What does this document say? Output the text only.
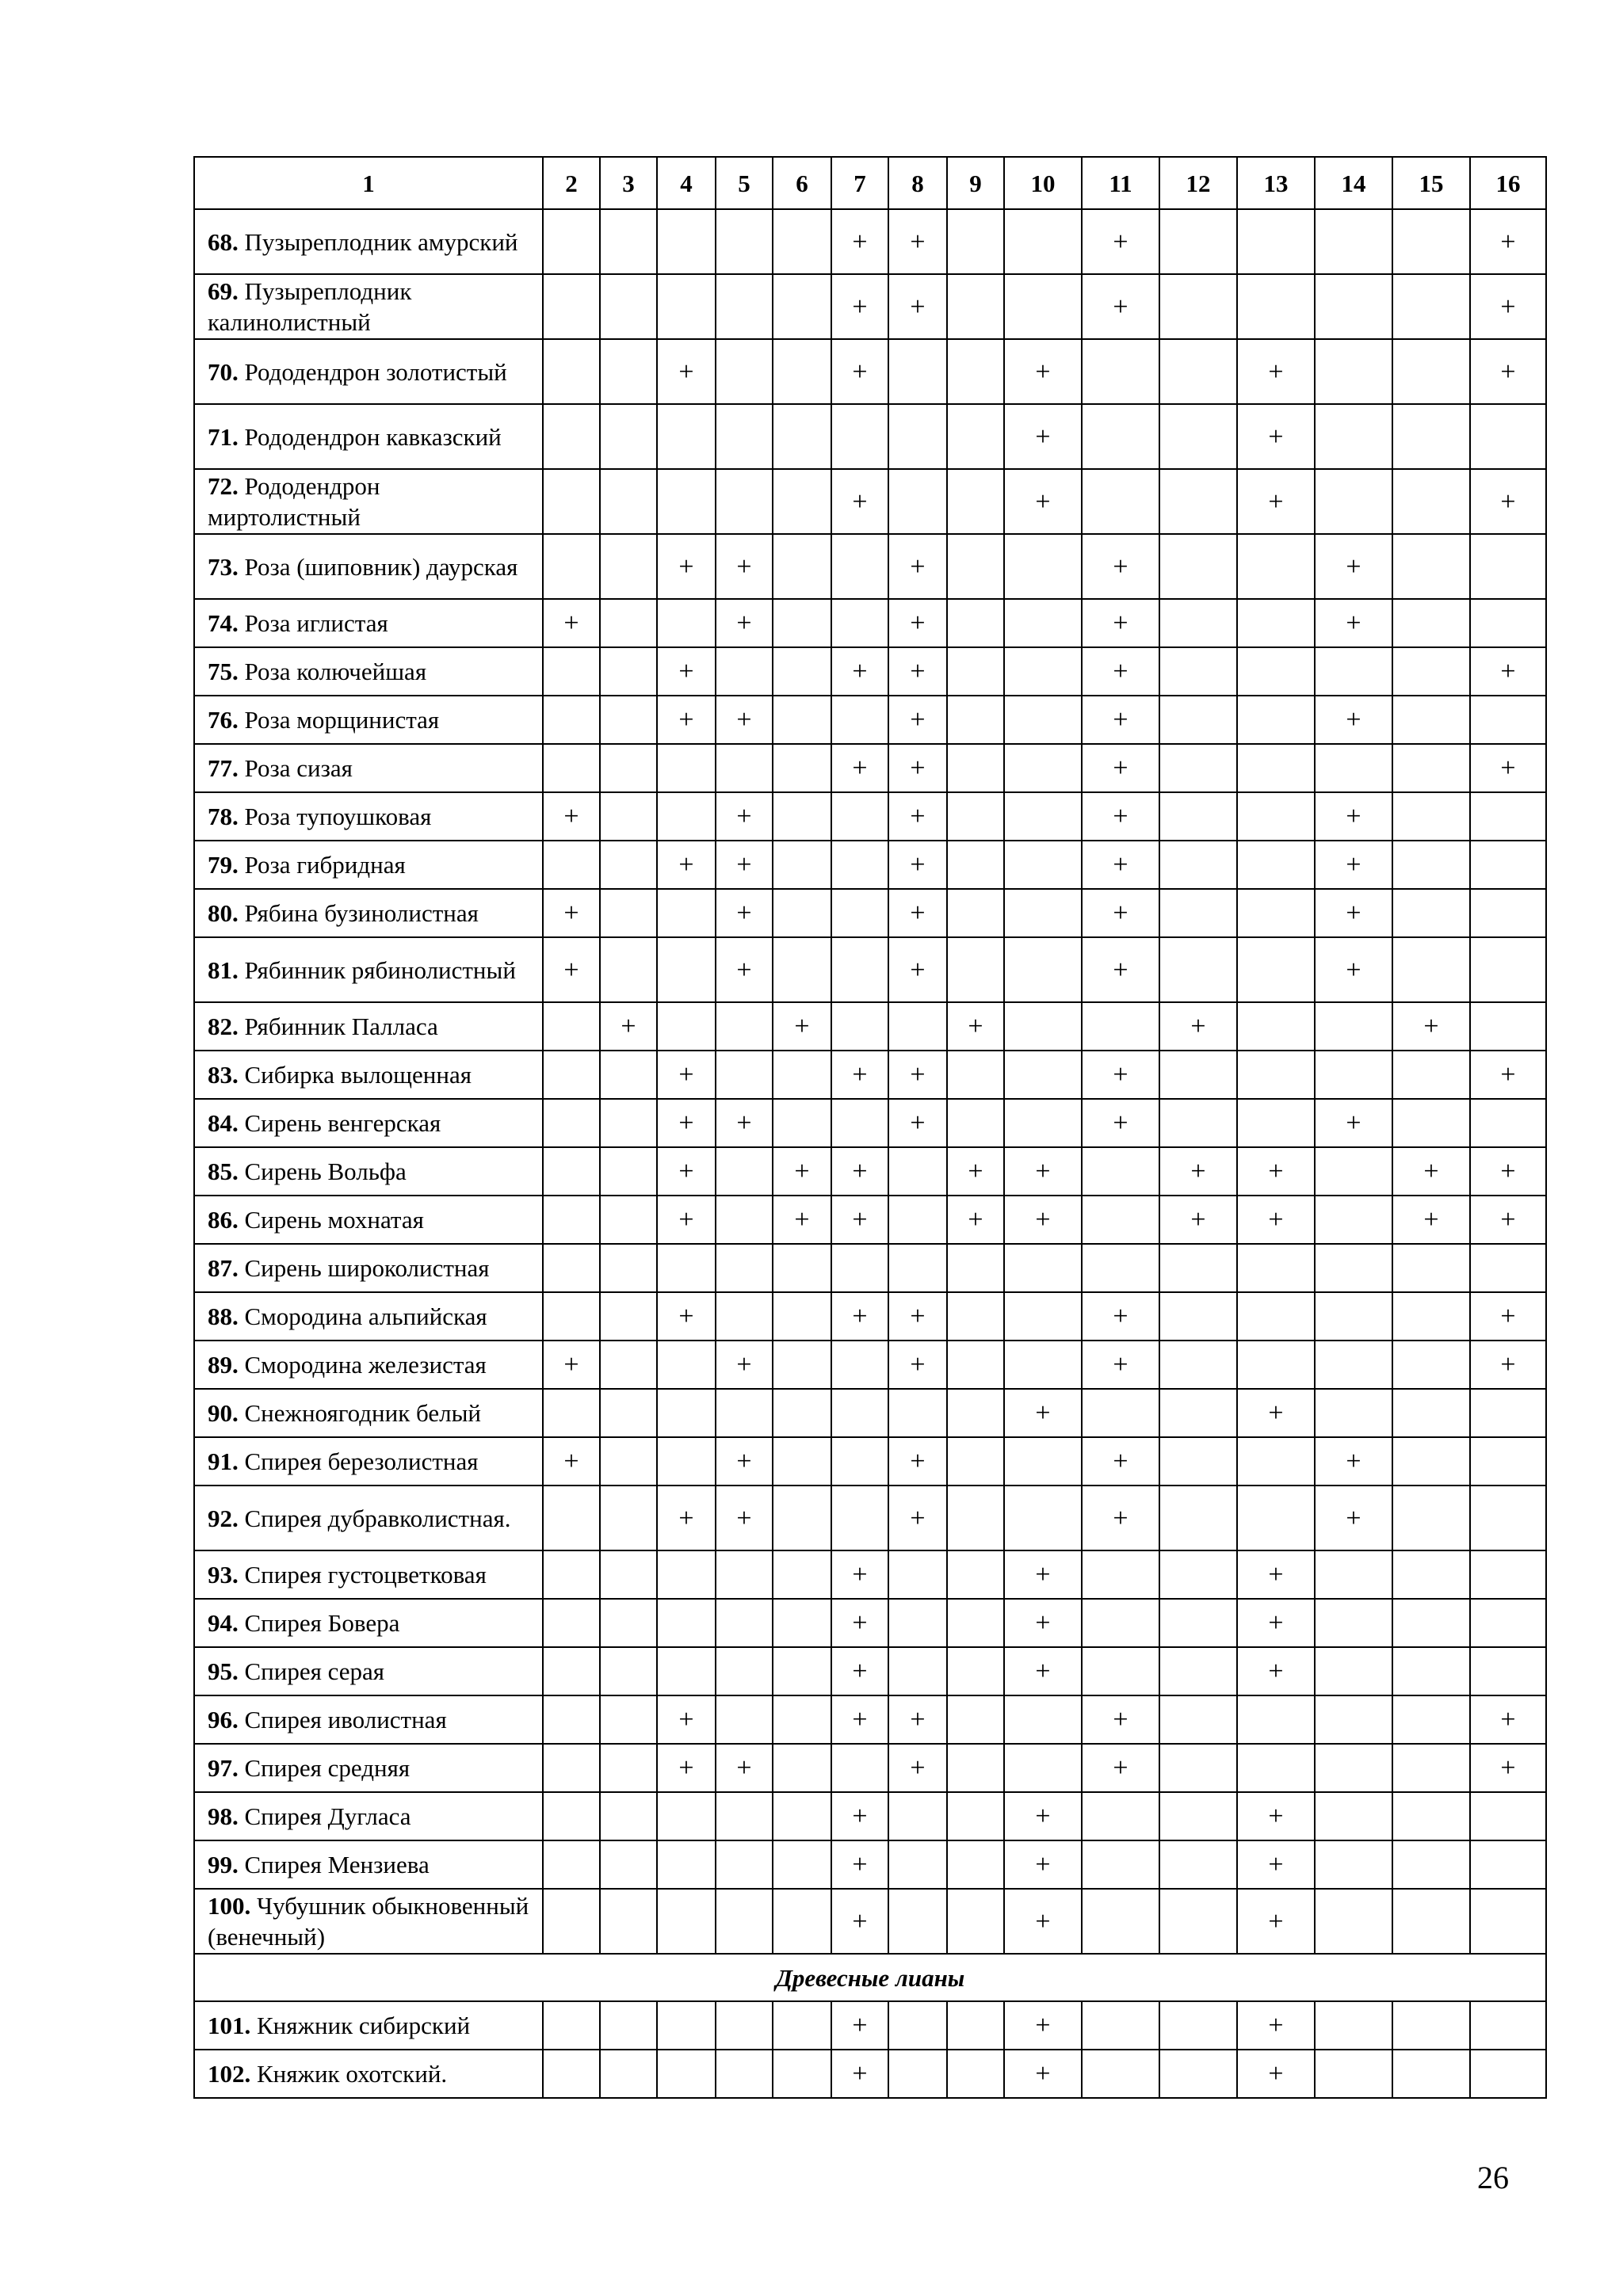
1	2	3	4	5	6	7	8	9	10	11	12	13	14	15	16
68. Пузыреплодник амурский						+	+			+					+
69. Пузыреплодник калинолистный						+	+			+					+
70. Рододендрон золотистый			+			+			+			+			+
71. Рододендрон кавказский									+			+			
72. Рододендрон миртолистный						+			+			+			+
73. Роза (шиповник) даурская			+	+			+			+			+		
74. Роза иглистая	+			+			+			+			+		
75. Роза колючейшая			+			+	+			+					+
76. Роза морщинистая			+	+			+			+			+		
77. Роза сизая						+	+			+					+
78. Роза тупоушковая	+			+			+			+			+		
79. Роза гибридная			+	+			+			+			+		
80. Рябина бузинолистная	+			+			+			+			+		
81. Рябинник рябинолистный	+			+			+			+			+		
82. Рябинник Палласа		+			+			+			+			+	
83. Сибирка вылощенная			+			+	+			+					+
84. Сирень венгерская			+	+			+			+			+		
85. Сирень Вольфа			+		+	+		+	+		+	+		+	+
86. Сирень мохнатая			+		+	+		+	+		+	+		+	+
87. Сирень широколистная															
88. Смородина альпийская			+			+	+			+					+
89. Смородина железистая	+			+			+			+					+
90. Снежноягодник белый									+			+			
91. Спирея березолистная	+			+			+			+			+		
92. Спирея дубравколистная.			+	+			+			+			+		
93. Спирея густоцветковая						+			+			+			
94. Спирея Бовера						+			+			+			
95. Спирея серая						+			+			+			
96. Спирея иволистная			+			+	+			+					+
97. Спирея средняя			+	+			+			+					+
98. Спирея Дугласа						+			+			+			
99. Спирея Мензиева						+			+			+			
100. Чубушник обыкновенный (венечный)						+			+			+			
Древесные лианы															
101. Княжник сибирский						+			+			+			
102. Княжик охотский.						+			+			+			
26
